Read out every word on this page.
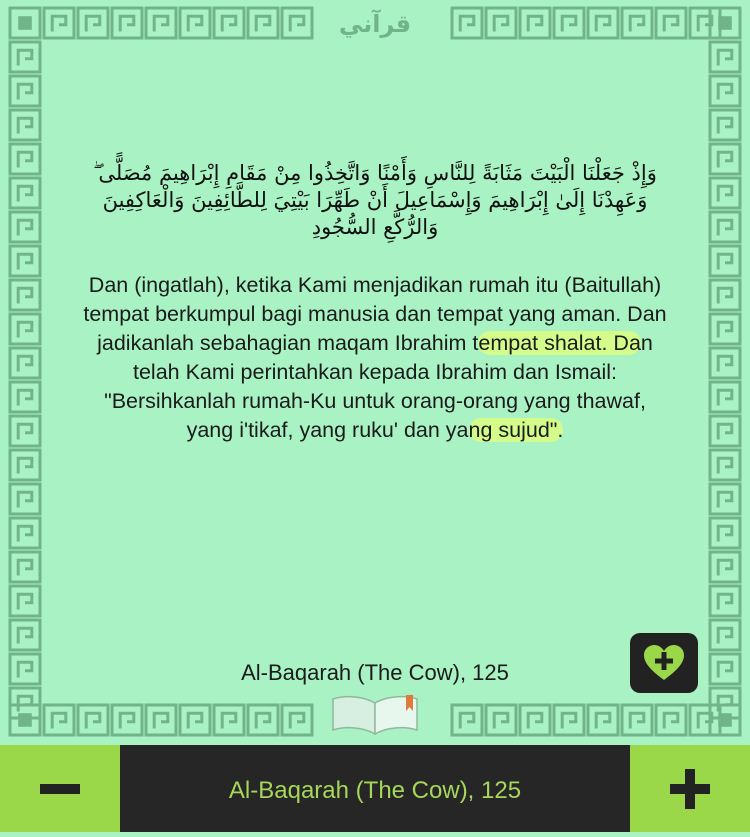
قرآني
وَإِذْ جَعَلْنَا الْبَيْتَ مَثَابَةً لِلنَّاسِ وَأَمْنًا وَاتَّخِذُوا مِنْ مَقَامِ إِبْرَاهِيمَ مُصَلًّى ۖ وَعَهِدْنَا إِلَىٰ إِبْرَاهِيمَ وَإِسْمَاعِيلَ أَنْ طَهِّرَا بَيْتِيَ لِلطَّائِفِينَ وَالْعَاكِفِينَ وَالرُّكَّعِ السُّجُودِ
Dan (ingatlah), ketika Kami menjadikan rumah itu (Baitullah) tempat berkumpul bagi manusia dan tempat yang aman. Dan jadikanlah sebahagian maqam Ibrahim tempat shalat. Dan telah Kami perintahkan kepada Ibrahim dan Ismail: "Bersihkanlah rumah-Ku untuk orang-orang yang thawaf, yang i'tikaf, yang ruku' dan yang sujud".
Al-Baqarah (The Cow), 125
Al-Baqarah (The Cow), 125
